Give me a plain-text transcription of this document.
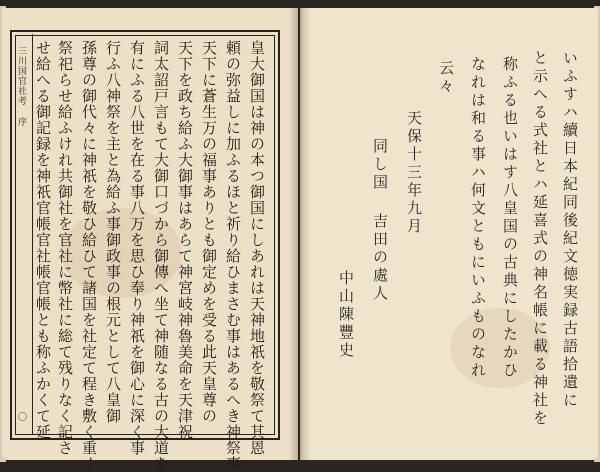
三川国官社考 序
〇	皇大御国は神の本つ御国にしあれは天神地祇を敬祭て其恩
頼の弥益しに加ふるほと祈り給ひまさむ事はあるへき神祭事
天下に蒼生万の福事ありとも御定めを受る此天皇尊の
天下を政ち給ふ大御事はあらて神宮岐神魯美命を天津祝
詞太詔戸言もて大御口づから御傳へ坐て神随なる古の大道を
有にふる八世を在る事八万を思ひ奉り神祇を御心に深く事
行ふ八神祭を主と為給ふ事御政事の根元として八皇御
孫尊の御代々に神祇を敬ひ給ひて諸国を社定て程き敷く重く
祭祀らせ給ふけれ共御社を官社に幣社に総て残りなく記さ
せ給へる御記録を神祇官帳官社帳官帳とも称ふかくて延	いふすハ續日本紀同後紀文徳実録古語拾遺に
と示へる式社とハ延喜式の神名帳に載る神社を
称ふる也いはす八皇国の古典にしたかひ
なれは和る事ハ何文ともにいふものなれ
云々
天保十三年九月
同し国 吉田の處人
中山陳豐史
